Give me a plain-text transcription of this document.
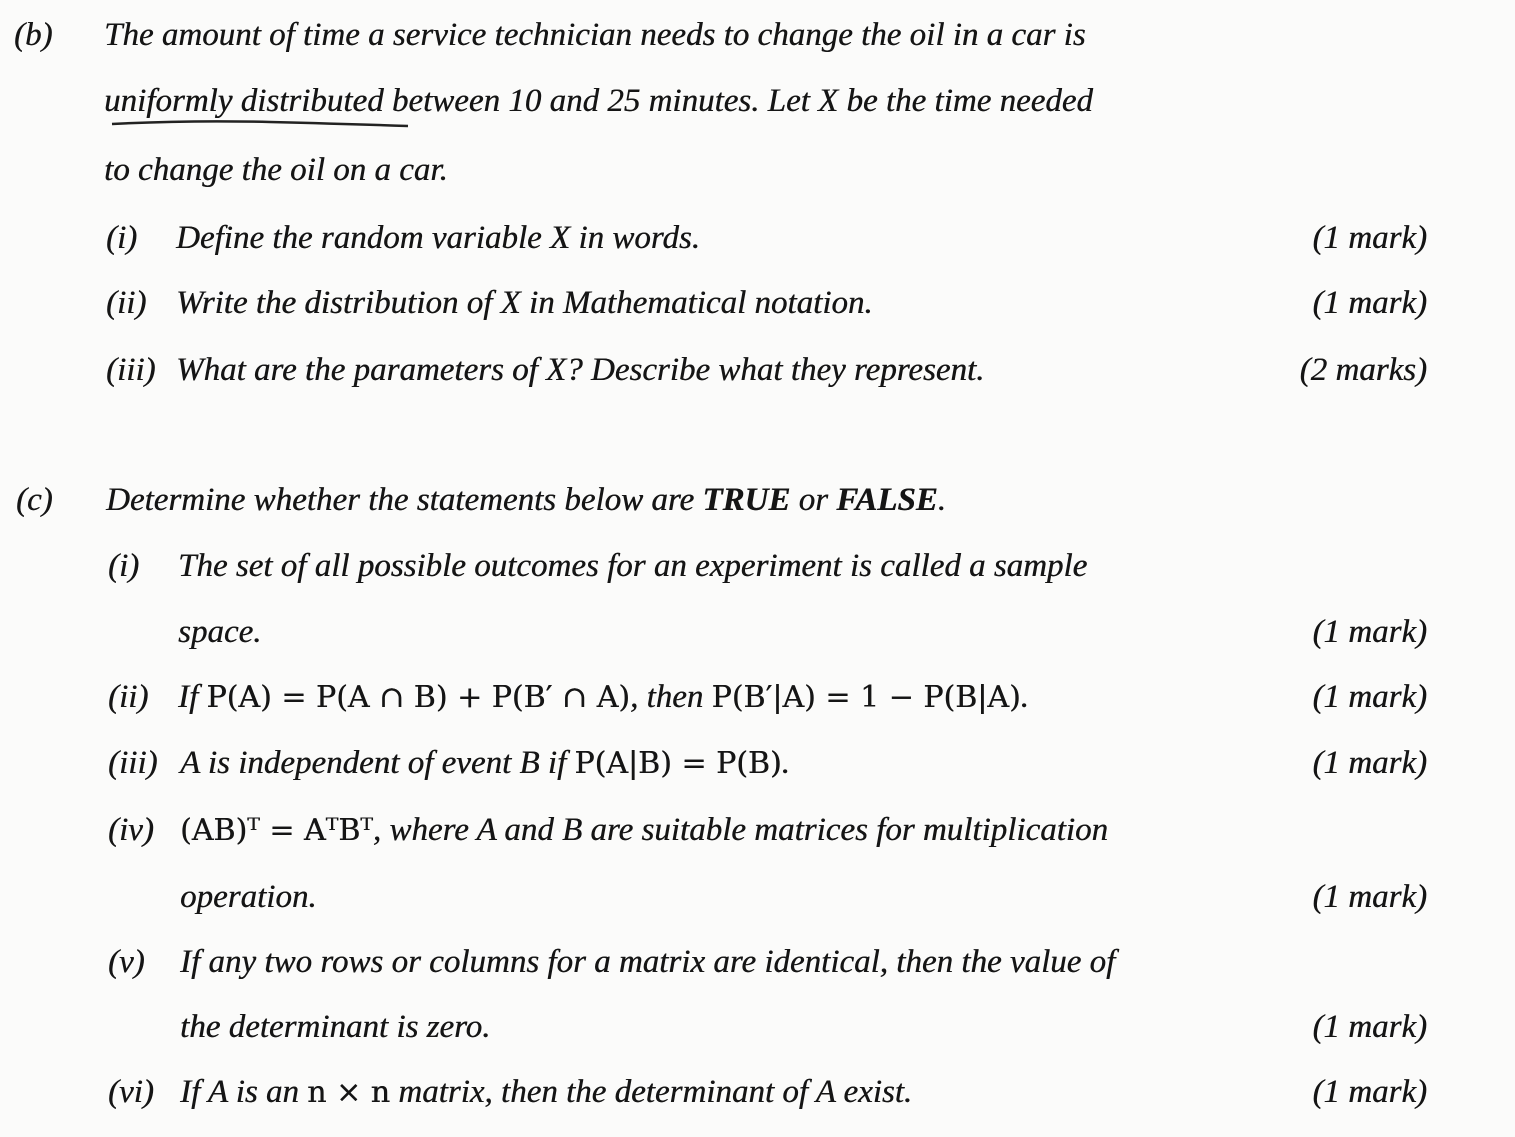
(b) The amount of time a service technician needs to change the oil in a car is
uniformly distributed between 10 and 25 minutes. Let X be the time needed
to change the oil on a car.
(i) Define the random variable X in words.	(1 mark)
(ii) Write the distribution of X in Mathematical notation.	(1 mark)
(iii) What are the parameters of X? Describe what they represent.	(2 marks)
(c) Determine whether the statements below are TRUE or FALSE.
(i) The set of all possible outcomes for an experiment is called a sample
space.	(1 mark)
(ii) If P(A) = P(A ∩ B) + P(B′ ∩ A), then P(B′|A) = 1 − P(B|A).	(1 mark)
(iii) A is independent of event B if P(A|B) = P(B).	(1 mark)
(iv) (AB)ᵀ = AᵀBᵀ, where A and B are suitable matrices for multiplication
operation.	(1 mark)
(v) If any two rows or columns for a matrix are identical, then the value of
the determinant is zero.	(1 mark)
(vi) If A is an n × n matrix, then the determinant of A exist.	(1 mark)
